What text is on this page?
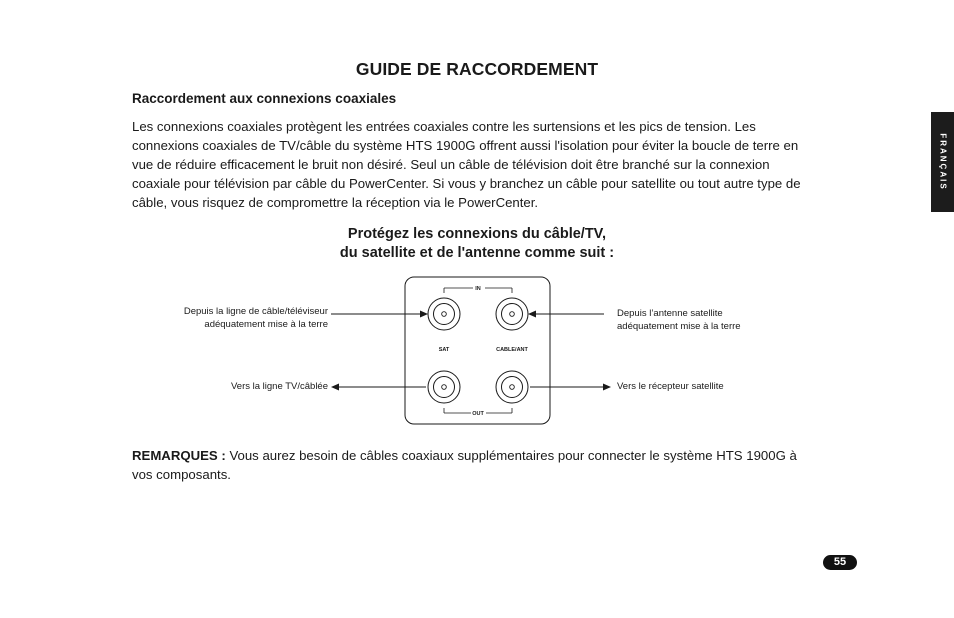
GUIDE DE RACCORDEMENT
Raccordement aux connexions coaxiales

Les connexions coaxiales protègent les entrées coaxiales contre les surtensions et les pics de tension. Les connexions coaxiales de TV/câble du système HTS 1900G offrent aussi l'isolation pour éviter la boucle de terre en vue de réduire efficacement le bruit non désiré. Seul un câble de télévision doit être branché sur la connexion coaxiale pour télévision par câble du PowerCenter. Si vous y branchez un câble pour satellite ou tout autre type de câble, vous risquez de compromettre la réception via le PowerCenter.

Protégez les connexions du câble/TV,
du satellite et de l'antenne comme suit :
Depuis la ligne de câble/téléviseur
adéquatement mise à la terre
Vers la ligne TV/câblée
Depuis l’antenne satellite
adéquatement mise à la terre
Vers le récepteur satellite
IN
OUT
SAT	CABLE/ANT

REMARQUES : Vous aurez besoin de câbles coaxiaux supplémentaires pour connecter le système HTS 1900G à vos composants.

FRANÇAIS
55
